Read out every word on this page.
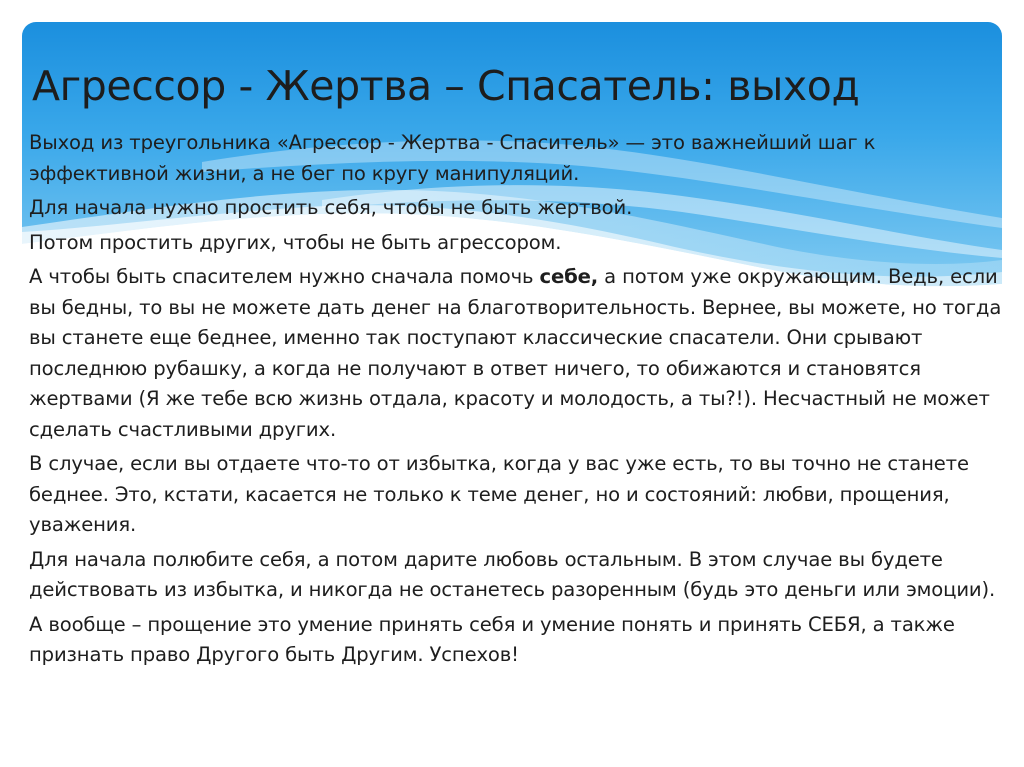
Агрессор - Жертва – Спасатель: выход

Выход из треугольника «Агрессор - Жертва - Спаситель» — это важнейший шаг к эффективной жизни, а не бег по кругу манипуляций.

Для начала нужно простить себя, чтобы не быть жертвой.

Потом простить других, чтобы не быть агрессором.

А чтобы быть спасителем нужно сначала помочь себе, а потом уже окружающим. Ведь, если вы бедны, то вы не можете дать денег на благотворительность. Вернее, вы можете, но тогда вы станете еще беднее, именно так поступают классические спасатели. Они срывают последнюю рубашку, а когда не получают в ответ ничего, то обижаются и становятся жертвами (Я же тебе всю жизнь отдала, красоту и молодость, а ты?!). Несчастный не может сделать счастливыми других.

В случае, если вы отдаете что-то от избытка, когда у вас уже есть, то вы точно не станете беднее. Это, кстати, касается не только к теме денег, но и состояний: любви, прощения, уважения.

Для начала полюбите себя, а потом дарите любовь остальным. В этом случае вы будете действовать из избытка, и никогда не останетесь разоренным (будь это деньги или эмоции).

А вообще – прощение это умение принять себя и умение понять и принять СЕБЯ, а также признать право Другого быть Другим. Успехов!
